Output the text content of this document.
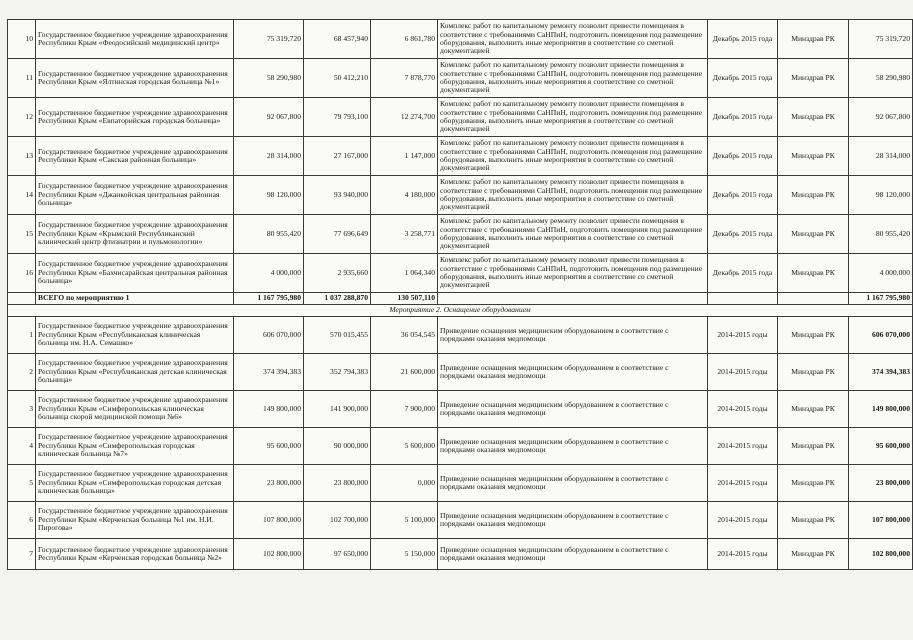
10	Государственное бюджетное учреждение здравоохранения Республики Крым «Феодосийский медицинский центр»	75 319,720	68 457,940	6 861,780	Комплекс работ по капитальному ремонту позволит привести помещения в соответствие с требованиями СаНПиН, подготовить помещения под размещение оборудования, выполнить иные мероприятия в соответствие со сметной документацией	Декабрь 2015 года	Минздрав РК	75 319,720
11	Государственное бюджетное учреждение здравоохранения Республики Крым «Ялтинская городская больница №1»	58 290,980	50 412,210	7 878,770	Комплекс работ по капитальному ремонту позволит привести помещения в соответствие с требованиями СаНПиН, подготовить помещения под размещение оборудования, выполнить иные мероприятия в соответствие со сметной документацией	Декабрь 2015 года	Минздрав РК	58 290,980
12	Государственное бюджетное учреждение здравоохранения Республики Крым «Евпаторийская городская больница»	92 067,800	79 793,100	12 274,700	Комплекс работ по капитальному ремонту позволит привести помещения в соответствие с требованиями СаНПиН, подготовить помещения под размещение оборудования, выполнить иные мероприятия в соответствие со сметной документацией	Декабрь 2015 года	Минздрав РК	92 067,800
13	Государственное бюджетное учреждение здравоохранения Республики Крым «Сакская районная больница»	28 314,000	27 167,000	1 147,000	Комплекс работ по капитальному ремонту позволит привести помещения в соответствие с требованиями СаНПиН, подготовить помещения под размещение оборудования, выполнить иные мероприятия в соответствие со сметной документацией	Декабрь 2015 года	Минздрав РК	28 314,000
14	Государственное бюджетное учреждение здравоохранения Республики Крым «Джанкойская центральная районная больница»	98 120,000	93 940,000	4 180,000	Комплекс работ по капитальному ремонту позволит привести помещения в соответствие с требованиями СаНПиН, подготовить помещения под размещение оборудования, выполнить иные мероприятия в соответствие со сметной документацией	Декабрь 2015 года	Минздрав РК	98 120,000
15	Государственное бюджетное учреждение здравоохранения Республики Крым «Крымский Республиканский клинический центр фтизиатрии и пульмонологии»	80 955,420	77 696,649	3 258,771	Комплекс работ по капитальному ремонту позволит привести помещения в соответствие с требованиями СаНПиН, подготовить помещения под размещение оборудования, выполнить иные мероприятия в соответствие со сметной документацией	Декабрь 2015 года	Минздрав РК	80 955,420
16	Государственное бюджетное учреждение здравоохранения Республики Крым «Бахчисарайская центральная районная больница»	4 000,000	2 935,660	1 064,340	Комплекс работ по капитальному ремонту позволит привести помещения в соответствие с требованиями СаНПиН, подготовить помещения под размещение оборудования, выполнить иные мероприятия в соответствие со сметной документацией	Декабрь 2015 года	Минздрав РК	4 000,000
	ВСЕГО по мероприятию 1	1 167 795,980	1 037 288,870	130 507,110				1 167 795,980
Мероприятие 2. Оснащение оборудованием								
1	Государственное бюджетное учреждение здравоохранения Республики Крым «Республиканская клиническая больница им. Н.А. Семашко»	606 070,000	570 015,455	36 054,545	Приведение оснащения медицинским оборудованием в соответствие с порядками оказания медпомощи	2014-2015 годы	Минздрав РК	606 070,000
2	Государственное бюджетное учреждение здравоохранения Республики Крым «Республиканская детская клиническая больница»	374 394,383	352 794,383	21 600,000	Приведение оснащения медицинским оборудованием в соответствие с порядками оказания медпомощи	2014-2015 годы	Минздрав РК	374 394,383
3	Государственное бюджетное учреждение здравоохранения Республики Крым «Симферопольская клиническая больница скорой медицинской помощи №6»	149 800,000	141 900,000	7 900,000	Приведение оснащения медицинским оборудованием в соответствие с порядками оказания медпомощи	2014-2015 годы	Минздрав РК	149 800,000
4	Государственное бюджетное учреждение здравоохранения Республики Крым «Симферопольская городская клиническая больница №7»	95 600,000	90 000,000	5 600,000	Приведение оснащения медицинским оборудованием в соответствие с порядками оказания медпомощи	2014-2015 годы	Минздрав РК	95 600,000
5	Государственное бюджетное учреждение здравоохранения Республики Крым «Симферопольская городская детская клиническая больница»	23 800,000	23 800,000	0,000	Приведение оснащения медицинским оборудованием в соответствие с порядками оказания медпомощи	2014-2015 годы	Минздрав РК	23 800,000
6	Государственное бюджетное учреждение здравоохранения Республики Крым «Керченская больница №1 им. Н.И. Пирогова»	107 800,000	102 700,000	5 100,000	Приведение оснащения медицинским оборудованием в соответствие с порядками оказания медпомощи	2014-2015 годы	Минздрав РК	107 800,000
7	Государственное бюджетное учреждение здравоохранения Республики Крым «Керченская городская больница №2»	102 800,000	97 650,000	5 150,000	Приведение оснащения медицинским оборудованием в соответствие с порядками оказания медпомощи	2014-2015 годы	Минздрав РК	102 800,000
